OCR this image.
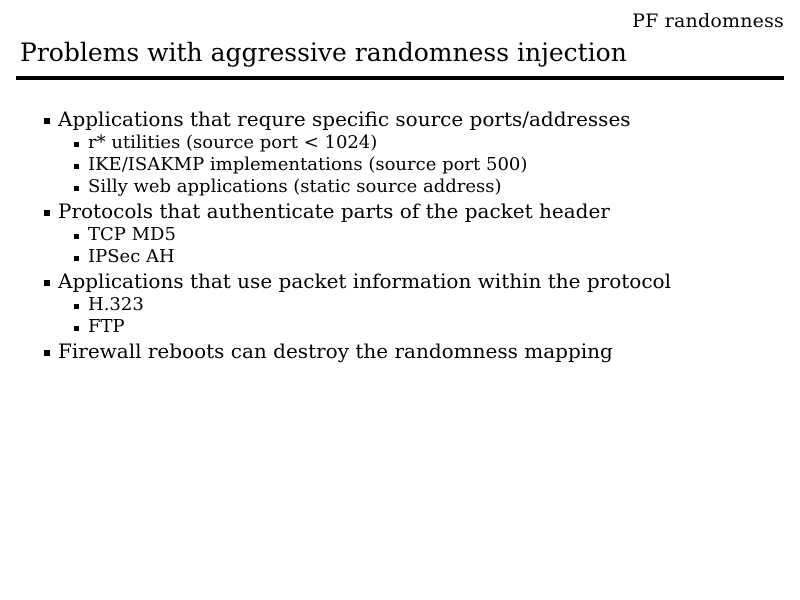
PF randomness
Problems with aggressive randomness injection
Applications that requre specific source ports/addresses
r* utilities (source port < 1024)
IKE/ISAKMP implementations (source port 500)
Silly web applications (static source address)
Protocols that authenticate parts of the packet header
TCP MD5
IPSec AH
Applications that use packet information within the protocol
H.323
FTP
Firewall reboots can destroy the randomness mapping
